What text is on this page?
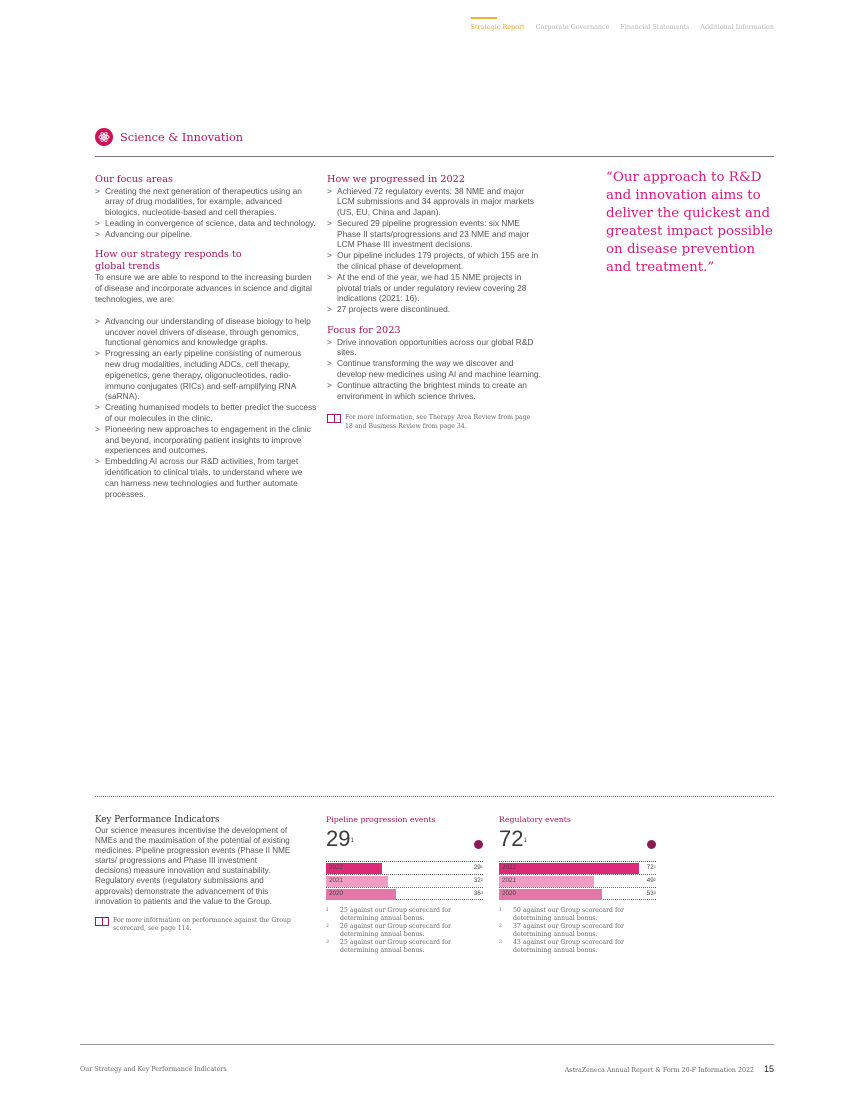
Strategic Report Corporate Governance Financial Statements Additional Information
Science & Innovation
Our focus areas
> Creating the next generation of therapeutics using an array of drug modalities, for example, advanced biologics, nucleotide-based and cell therapies.
> Leading in convergence of science, data and technology.
> Advancing our pipeline.
How our strategy responds to global trends
To ensure we are able to respond to the increasing burden of disease and incorporate advances in science and digital technologies, we are:
> Advancing our understanding of disease biology to help uncover novel drivers of disease, through genomics, functional genomics and knowledge graphs.
> Progressing an early pipeline consisting of numerous new drug modalities, including ADCs, cell therapy, epigenetics, gene therapy, oligonucleotides, radio-immuno conjugates (RICs) and self-amplifying RNA (saRNA).
> Creating humanised models to better predict the success of our molecules in the clinic.
> Pioneering new approaches to engagement in the clinic and beyond, incorporating patient insights to improve experiences and outcomes.
> Embedding AI across our R&D activities, from target identification to clinical trials, to understand where we can harness new technologies and further automate processes.
How we progressed in 2022
> Achieved 72 regulatory events: 38 NME and major LCM submissions and 34 approvals in major markets (US, EU, China and Japan).
> Secured 29 pipeline progression events: six NME Phase II starts/progressions and 23 NME and major LCM Phase III investment decisions.
> Our pipeline includes 179 projects, of which 155 are in the clinical phase of development.
> At the end of the year, we had 15 NME projects in pivotal trials or under regulatory review covering 28 indications (2021: 16).
> 27 projects were discontinued.
Focus for 2023
> Drive innovation opportunities across our global R&D sites.
> Continue transforming the way we discover and develop new medicines using AI and machine learning.
> Continue attracting the brightest minds to create an environment in which science thrives.
For more information, see Therapy Area Review from page 18 and Business Review from page 34.
“Our approach to R&D and innovation aims to deliver the quickest and greatest impact possible on disease prevention and treatment.”
Key Performance Indicators
Our science measures incentivise the development of NMEs and the maximisation of the potential of existing medicines. Pipeline progression events (Phase II NME starts/ progressions and Phase III investment decisions) measure innovation and sustainability. Regulatory events (regulatory submissions and approvals) demonstrate the advancement of this innovation to patients and the value to the Group.
For more information on performance against the Group scorecard, see page 114.
Pipeline progression events
$29^1$
2022	$29^1$
2021	$32^2$
2020	$36^3$
1 25 against our Group scorecard for determining annual bonus.
2 26 against our Group scorecard for determining annual bonus.
3 25 against our Group scorecard for determining annual bonus.
Regulatory events
$72^1$
2022	$72^1$
2021	$49^2$
2020	$53^3$
1 50 against our Group scorecard for determining annual bonus.
2 37 against our Group scorecard for determining annual bonus.
3 43 against our Group scorecard for determining annual bonus.
Our Strategy and Key Performance Indicators	AstraZeneca Annual Report & Form 20-F Information 2022 15
